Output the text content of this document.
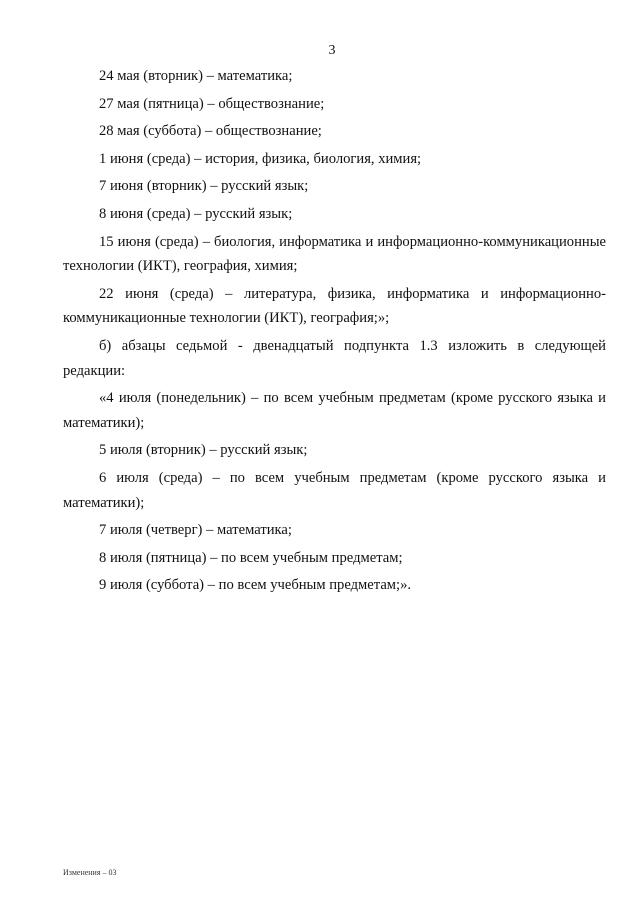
3

24 мая (вторник) – математика;

27 мая (пятница) – обществознание;

28 мая (суббота) – обществознание;

1 июня (среда) – история, физика, биология, химия;

7 июня (вторник) – русский язык;

8 июня (среда) – русский язык;

15 июня (среда) – биология, информатика и информационно-коммуникационные технологии (ИКТ), география, химия;

22 июня (среда) – литература, физика, информатика и информационно-коммуникационные технологии (ИКТ), география;»;

б) абзацы седьмой - двенадцатый подпункта 1.3 изложить в следующей редакции:

«4 июля (понедельник) – по всем учебным предметам (кроме русского языка и математики);

5 июля (вторник) – русский язык;

6 июля (среда) – по всем учебным предметам (кроме русского языка и математики);

7 июля (четверг) – математика;

8 июля (пятница) – по всем учебным предметам;

9 июля (суббота) – по всем учебным предметам;».

Изменения – 03
